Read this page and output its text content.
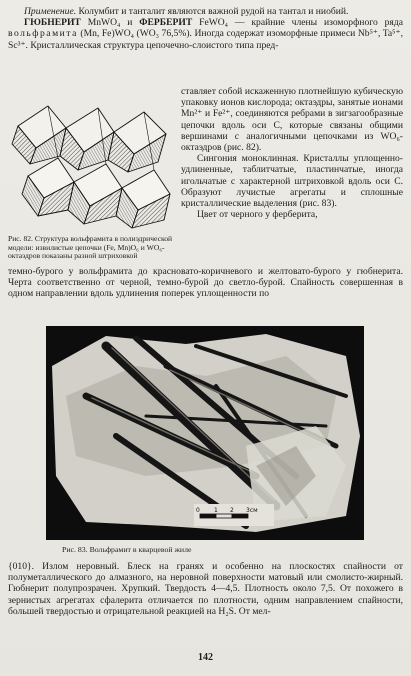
Применение. Колумбит и танталит являются важной рудой на тантал и ниобий.

ГЮБНЕРИТ MnWO₄ и ФЕРБЕРИТ FeWO₄ — крайние члены изоморфного ряда вольфрамита (Mn, Fe)WO₄ (WO₃ 76,5%). Иногда содержат изоморфные примеси Nb⁵⁺, Ta⁵⁺, Sc³⁺. Кристаллическая структура цепочечно-слоистого типа пред-

Рис. 82. Структура вольфрамита в полиэдрической модели: извилистые цепочки (Fe, Mn)O₆ и WO₆-октаэдров показаны разной штриховкой

ставляет собой искаженную плотнейшую кубическую упаковку ионов кислорода; октаэдры, занятые ионами Mn²⁺ и Fe²⁺, соединяются ребрами в зигзагообразные цепочки вдоль оси C, которые связаны общими вершинами с аналогичными цепочками из WO₆-октаэдров (рис. 82).

Сингония моноклинная. Кристаллы уплощенно-удлиненные, таблитчатые, пластинчатые, иногда игольчатые с характерной штриховкой вдоль оси C. Образуют лучистые агрегаты и сплошные кристаллические выделения (рис. 83).

Цвет от черного у ферберита,

темно-бурого у вольфрамита до красновато-коричневого и желтовато-бурого у гюбнерита. Черта соответственно от черной, темно-бурой до светло-бурой. Спайность совершенная в одном направлении вдоль удлинения поперек уплощенности по

0 1 2 3см
Рис. 83. Вольфрамит в кварцевой жиле

{010}. Излом неровный. Блеск на гранях и особенно на плоскостях спайности от полуметаллического до алмазного, на неровной поверхности матовый или смолисто-жирный. Гюбнерит полупрозрачен. Хрупкий. Твердость 4—4,5. Плотность около 7,5. От похожего в зернистых агрегатах сфалерита отличается по плотности, одним направлением спайности, большей твердостью и отрицательной реакцией на H₂S. От мел-

142
